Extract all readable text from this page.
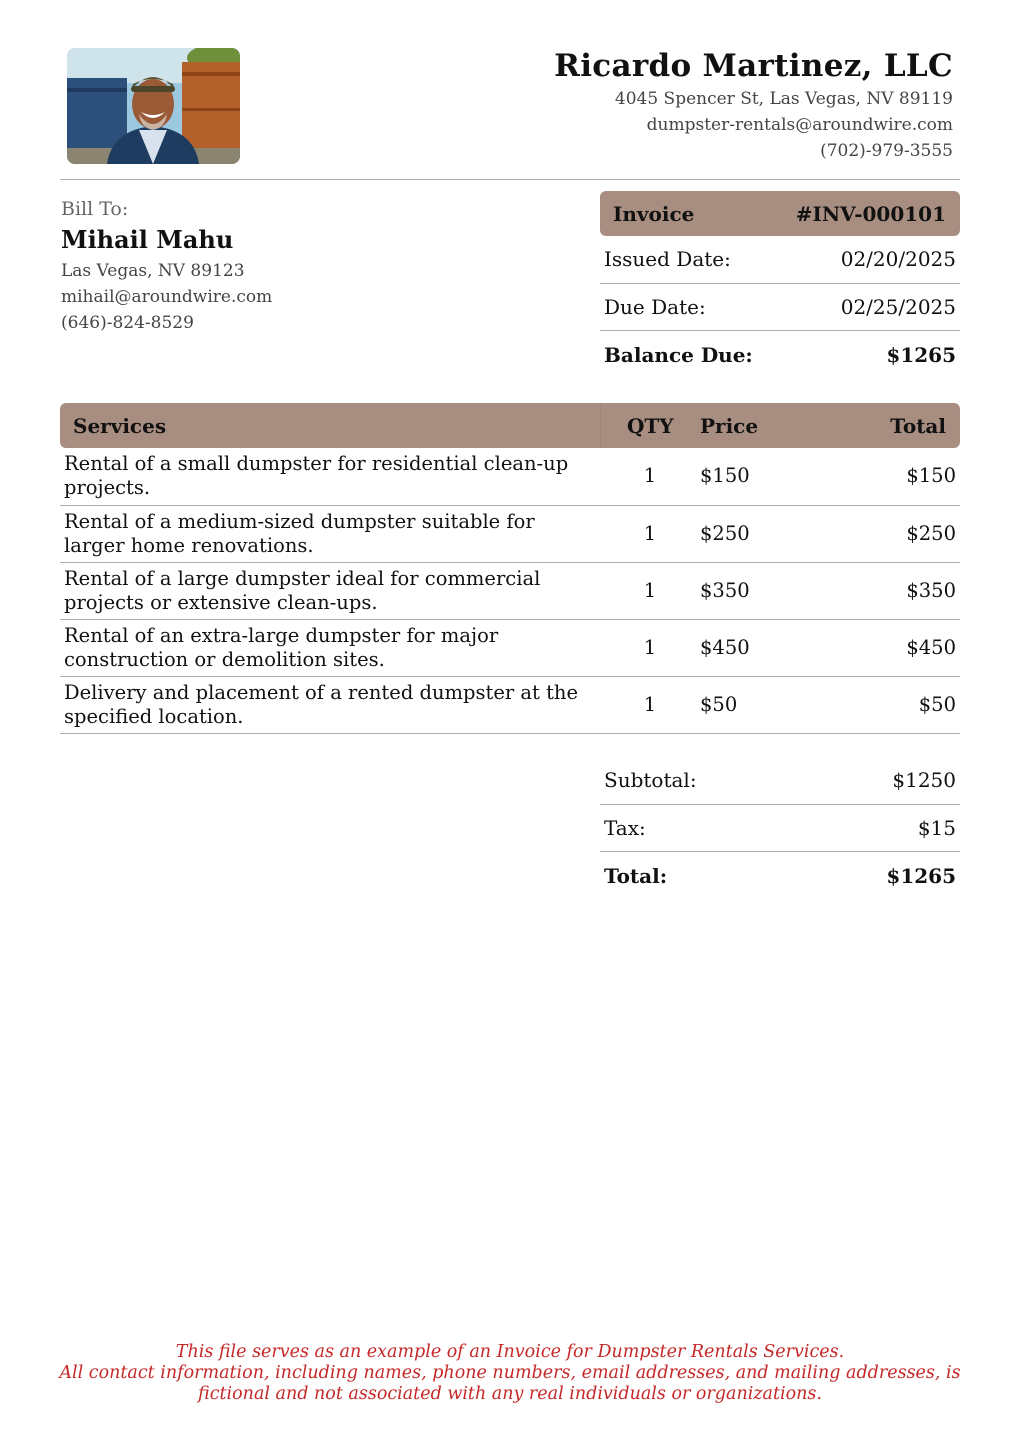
Ricardo Martinez, LLC
4045 Spencer St, Las Vegas, NV 89119
dumpster-rentals@aroundwire.com
(702)-979-3555
Bill To:
Mihail Mahu
Las Vegas, NV 89123
mihail@aroundwire.com
(646)-824-8529
Invoice	#INV-000101
Issued Date:	02/20/2025
Due Date:	02/25/2025
Balance Due:	$1265
Services	QTY	Price	Total
Rental of a small dumpster for residential clean-up projects.	1	$150	$150
Rental of a medium-sized dumpster suitable for larger home renovations.	1	$250	$250
Rental of a large dumpster ideal for commercial projects or extensive clean-ups.	1	$350	$350
Rental of an extra-large dumpster for major construction or demolition sites.	1	$450	$450
Delivery and placement of a rented dumpster at the specified location.	1	$50	$50
Subtotal:	$1250
Tax:	$15
Total:	$1265
This file serves as an example of an Invoice for Dumpster Rentals Services.
All contact information, including names, phone numbers, email addresses, and mailing addresses, is
fictional and not associated with any real individuals or organizations.
